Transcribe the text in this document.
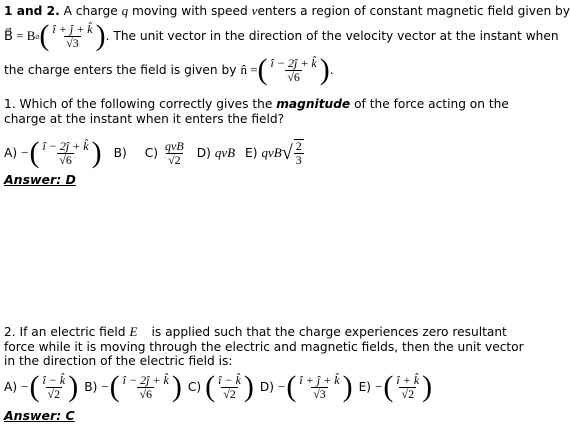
1 and 2. A charge q moving with speed venters a region of constant magnetic field given by
B⃗ = B o ( $\frac{î + ĵ + k̂}{√3}$ ) . The unit vector in the direction of the velocity vector at the instant when
the charge enters the field is given by n̂ = ( $\frac{î - 2ĵ + k̂}{√6}$ ) .
1. Which of the following correctly gives the magnitude of the force acting on the
charge at the instant when it enters the field?
A) − ( $\frac{î - 2ĵ + k̂}{√6}$ ) B) $C) \frac{\text{qvB}}{√2} D$) qvB E) qvB √ $\frac{2}{3}$
Answer: D
2. If an electric field E⃗ is applied such that the charge experiences zero resultant
force while it is moving through the electric and magnetic fields, then the unit vector
in the direction of the electric field is:
A) − ( $\frac{î - k̂}{√2}$ ) B) − ( $\frac{î - 2ĵ + k̂}{√6}$ ) C) ( $\frac{î - k̂}{√2}$ ) D) − ( $\frac{î + ĵ + k̂}{√3}$ ) E) − ( $\frac{î + k̂}{√2}$ )
Answer: C
